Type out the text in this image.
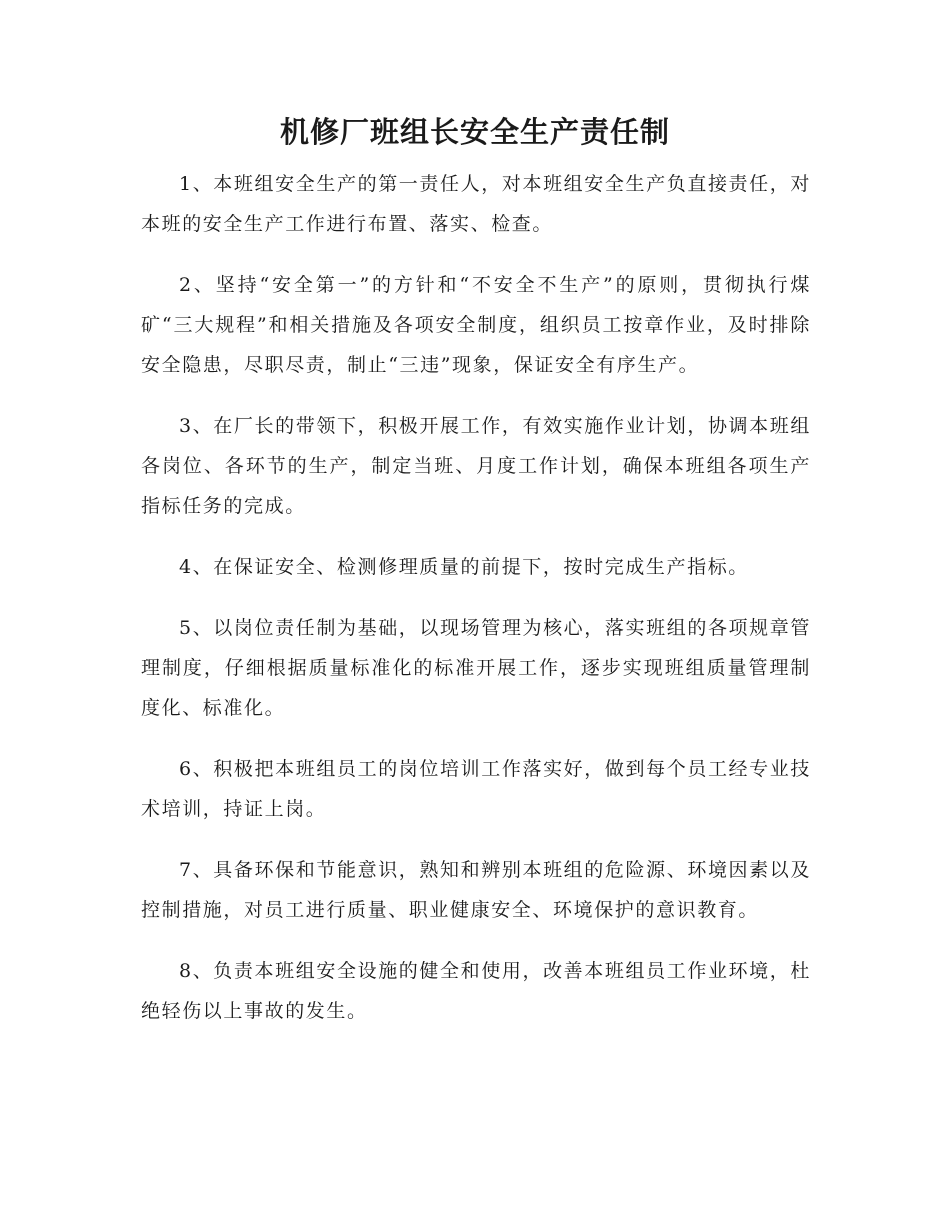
机修厂班组长安全生产责任制

1、本班组安全生产的第一责任人，对本班组安全生产负直接责任，对本班的安全生产工作进行布置、落实、检查。

2、坚持“安全第一”的方针和“不安全不生产”的原则，贯彻执行煤矿“三大规程”和相关措施及各项安全制度，组织员工按章作业，及时排除安全隐患，尽职尽责，制止“三违”现象，保证安全有序生产。

3、在厂长的带领下，积极开展工作，有效实施作业计划，协调本班组各岗位、各环节的生产，制定当班、月度工作计划，确保本班组各项生产指标任务的完成。

4、在保证安全、检测修理质量的前提下，按时完成生产指标。

5、以岗位责任制为基础，以现场管理为核心，落实班组的各项规章管理制度，仔细根据质量标准化的标准开展工作，逐步实现班组质量管理制度化、标准化。

6、积极把本班组员工的岗位培训工作落实好，做到每个员工经专业技术培训，持证上岗。

7、具备环保和节能意识，熟知和辨别本班组的危险源、环境因素以及控制措施，对员工进行质量、职业健康安全、环境保护的意识教育。

8、负责本班组安全设施的健全和使用，改善本班组员工作业环境，杜绝轻伤以上事故的发生。
